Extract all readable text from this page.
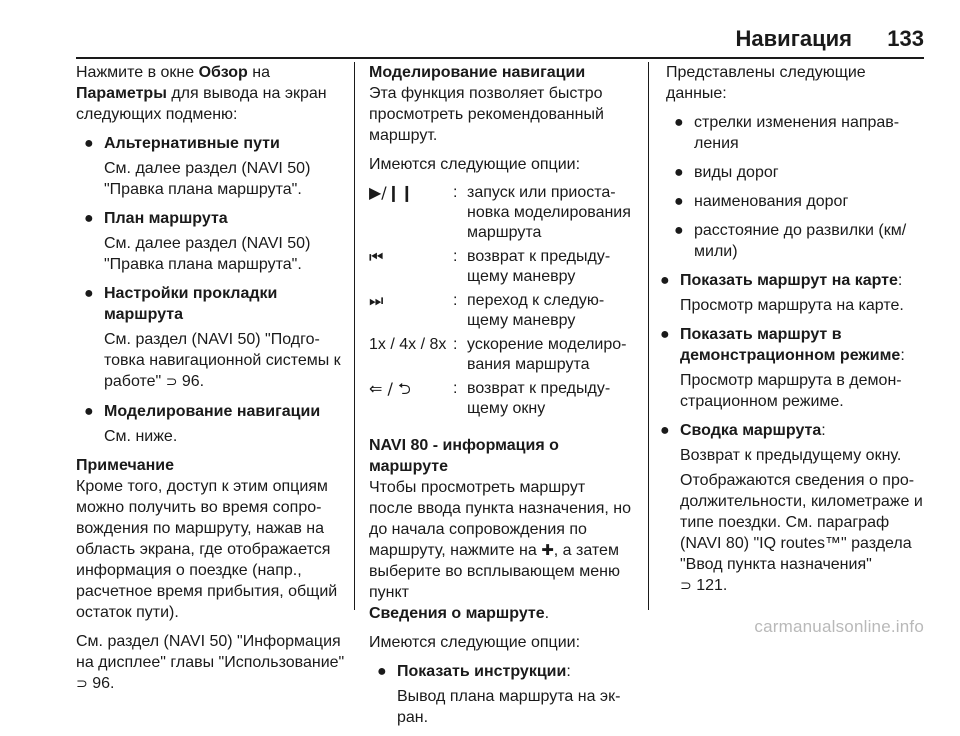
Навигация 133

Нажмите в окне Обзор на
Параметры для вывода на экран следующих подменю:

● Альтернативные пути
См. далее раздел (NAVI 50) "Правка плана маршрута".
● План маршрута
См. далее раздел (NAVI 50) "Правка плана маршрута".
● Настройки прокладки маршрута
См. раздел (NAVI 50) "Подготовка навигационной системы к работе" ⊃ 96.
● Моделирование навигации
См. ниже.
Примечание

Кроме того, доступ к этим опциям можно получить во время сопровождения по маршруту, нажав на область экрана, где отображается информация о поездке (напр., расчетное время прибытия, общий остаток пути).

См. раздел (NAVI 50) "Информация на дисплее" главы "Использование" ⊃ 96.

Моделирование навигации

Эта функция позволяет быстро просмотреть рекомендованный маршрут.

Имеются следующие опции:

▶/❙❙	:	запуск или приостановка моделирования маршрута
⏮	:	возврат к предыдущему маневру
⏭	:	переход к следующему маневру
1x / 4x / 8x	:	ускорение моделирования маршрута
⇐ / ⮌	:	возврат к предыдущему окну
NAVI 80 - информация о маршруте

Чтобы просмотреть маршрут после ввода пункта назначения, но до начала сопровождения по маршруту, нажмите на ✚, а затем выберите во всплывающем меню пункт
Сведения о маршруте.

Имеются следующие опции:

● Показать инструкции:
Вывод плана маршрута на экран.

Представлены следующие данные:

● стрелки изменения направления
● виды дорог
● наименования дорог
● расстояние до развилки (км/мили)
● Показать маршрут на карте:
Просмотр маршрута на карте.
● Показать маршрут в демонстрационном режиме:
Просмотр маршрута в демонстрационном режиме.
● Сводка маршрута:
Возврат к предыдущему окну.
Отображаются сведения о продолжительности, километраже и типе поездки. См. параграф (NAVI 80) "IQ routes™" раздела "Ввод пункта назначения"
⊃ 121.
carmanualsonline.info
